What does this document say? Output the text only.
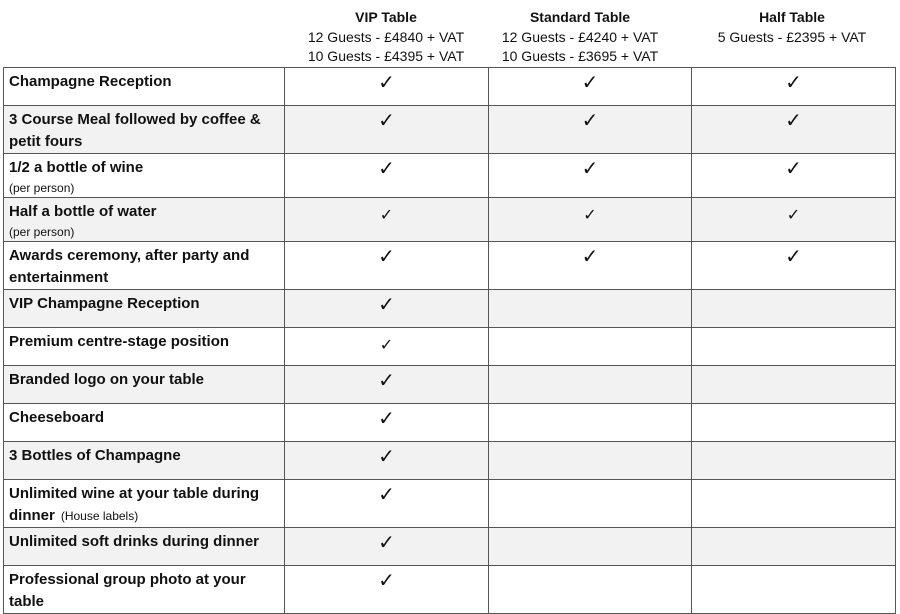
VIP Table
12 Guests - £4840 + VAT
10 Guests - £4395 + VAT
Standard Table
12 Guests - £4240 + VAT
10 Guests - £3695 + VAT
Half Table
5 Guests - £2395 + VAT
Champagne Reception	✓	✓	✓
3 Course Meal followed by coffee & petit fours	✓	✓	✓
1/2 a bottle of wine
(per person)	✓	✓	✓
Half a bottle of water
(per person)	✓	✓	✓
Awards ceremony, after party and entertainment	✓	✓	✓
VIP Champagne Reception	✓		
Premium centre-stage position	✓		
Branded logo on your table	✓		
Cheeseboard	✓		
3 Bottles of Champagne	✓		
Unlimited wine at your table during dinner (House labels)	✓		
Unlimited soft drinks during dinner	✓		
Professional group photo at your table	✓		
